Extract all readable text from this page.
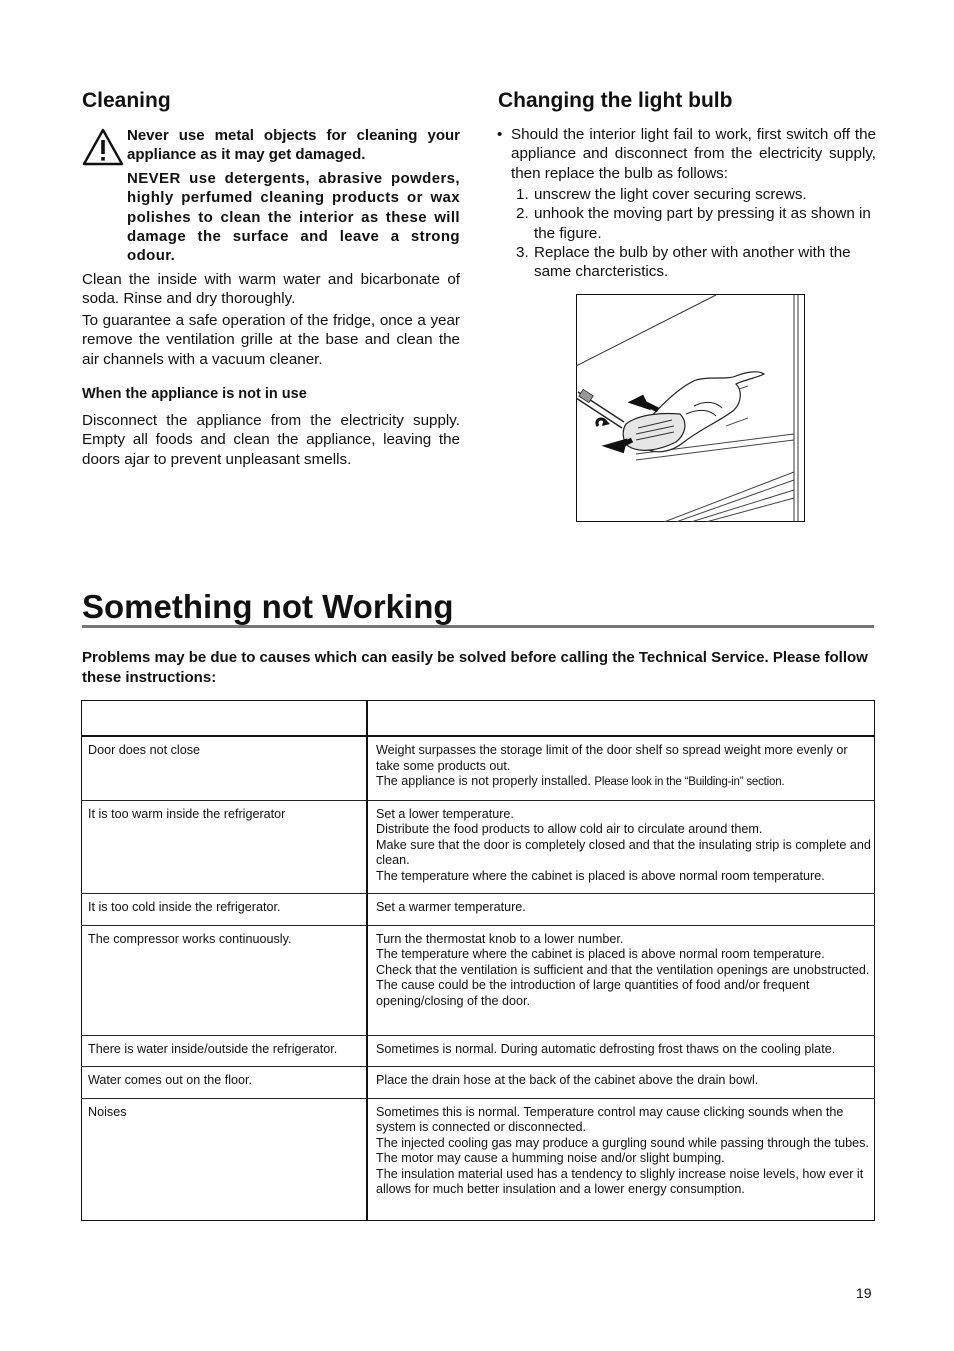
Cleaning

Never use metal objects for cleaning your appliance as it may get damaged.

NEVER use detergents, abrasive powders, highly perfumed cleaning products or wax polishes to clean the interior as these will damage the surface and leave a strong odour.

Clean the inside with warm water and bicarbonate of soda. Rinse and dry thoroughly.

To guarantee a safe operation of the fridge, once a year remove the ventilation grille at the base and clean the air channels with a vacuum cleaner.

When the appliance is not in use

Disconnect the appliance from the electricity supply. Empty all foods and clean the appliance, leaving the doors ajar to prevent unpleasant smells.

Changing the light bulb
• Should the interior light fail to work, first switch off the appliance and disconnect from the electricity supply, then replace the bulb as follows:
1. unscrew the light cover securing screws.
2. unhook the moving part by pressing it as shown in the figure.
3. Replace the bulb by other with another with the same charcteristics.
Something not Working

Problems may be due to causes which can easily be solved before calling the Technical Service. Please follow these instructions:

Door does not close	Weight surpasses the storage limit of the door shelf so spread weight more evenly or take some products out.
The appliance is not properly installed. Please look in the “Building-in” section.

It is too warm inside the refrigerator	Set a lower temperature.
Distribute the food products to allow cold air to circulate around them.
Make sure that the door is completely closed and that the insulating strip is complete and clean.
The temperature where the cabinet is placed is above normal room temperature.

It is too cold inside the refrigerator.	Set a warmer temperature.

The compressor works continuously.	Turn the thermostat knob to a lower number.
The temperature where the cabinet is placed is above normal room temperature.
Check that the ventilation is sufficient and that the ventilation openings are unobstructed.
The cause could be the introduction of large quantities of food and/or frequent opening/closing of the door.

There is water inside/outside the refrigerator.	Sometimes is normal. During automatic defrosting frost thaws on the cooling plate.

Water comes out on the floor.	Place the drain hose at the back of the cabinet above the drain bowl.

Noises	Sometimes this is normal. Temperature control may cause clicking sounds when the system is connected or disconnected.
The injected cooling gas may produce a gurgling sound while passing through the tubes.
The motor may cause a humming noise and/or slight bumping.
The insulation material used has a tendency to slighly increase noise levels, how ever it allows for much better insulation and a lower energy consumption.
19
